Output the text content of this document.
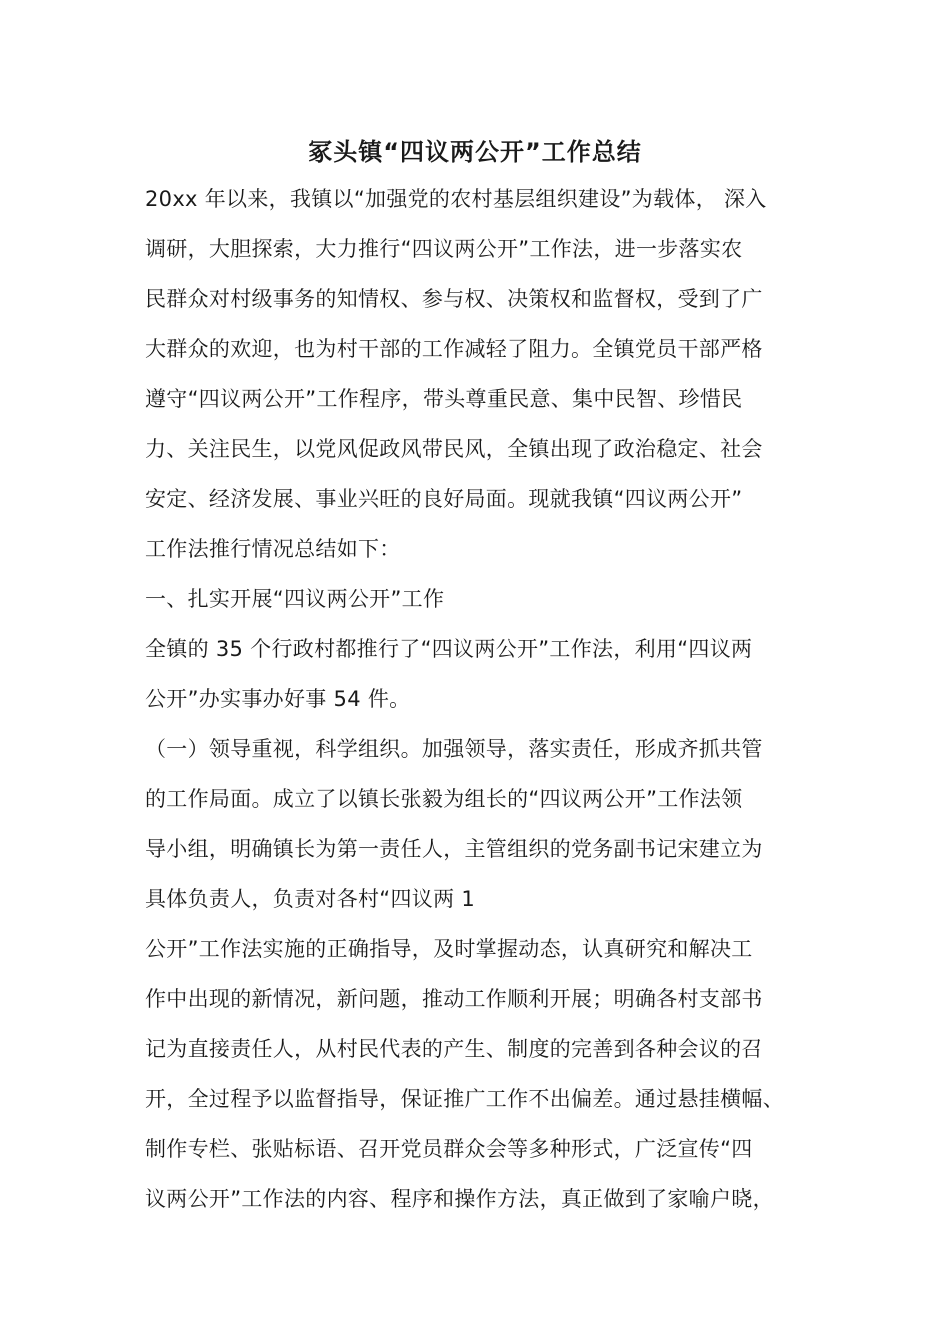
冢头镇“四议两公开”工作总结
20xx 年以来，我镇以“加强党的农村基层组织建设”为载体， 深入
调研，大胆探索，大力推行“四议两公开”工作法，进一步落实农
民群众对村级事务的知情权、参与权、决策权和监督权，受到了广
大群众的欢迎，也为村干部的工作减轻了阻力。全镇党员干部严格
遵守“四议两公开”工作程序，带头尊重民意、集中民智、珍惜民
力、关注民生，以党风促政风带民风，全镇出现了政治稳定、社会
安定、经济发展、事业兴旺的良好局面。现就我镇“四议两公开”
工作法推行情况总结如下：
一、扎实开展“四议两公开”工作
全镇的 35 个行政村都推行了“四议两公开”工作法，利用“四议两
公开”办实事办好事 54 件。
（一）领导重视，科学组织。加强领导，落实责任，形成齐抓共管
的工作局面。成立了以镇长张毅为组长的“四议两公开”工作法领
导小组，明确镇长为第一责任人，主管组织的党务副书记宋建立为
具体负责人，负责对各村“四议两 1
公开”工作法实施的正确指导，及时掌握动态，认真研究和解决工
作中出现的新情况，新问题，推动工作顺利开展；明确各村支部书
记为直接责任人，从村民代表的产生、制度的完善到各种会议的召
开，全过程予以监督指导，保证推广工作不出偏差。通过悬挂横幅、
制作专栏、张贴标语、召开党员群众会等多种形式，广泛宣传“四
议两公开”工作法的内容、程序和操作方法，真正做到了家喻户晓，
